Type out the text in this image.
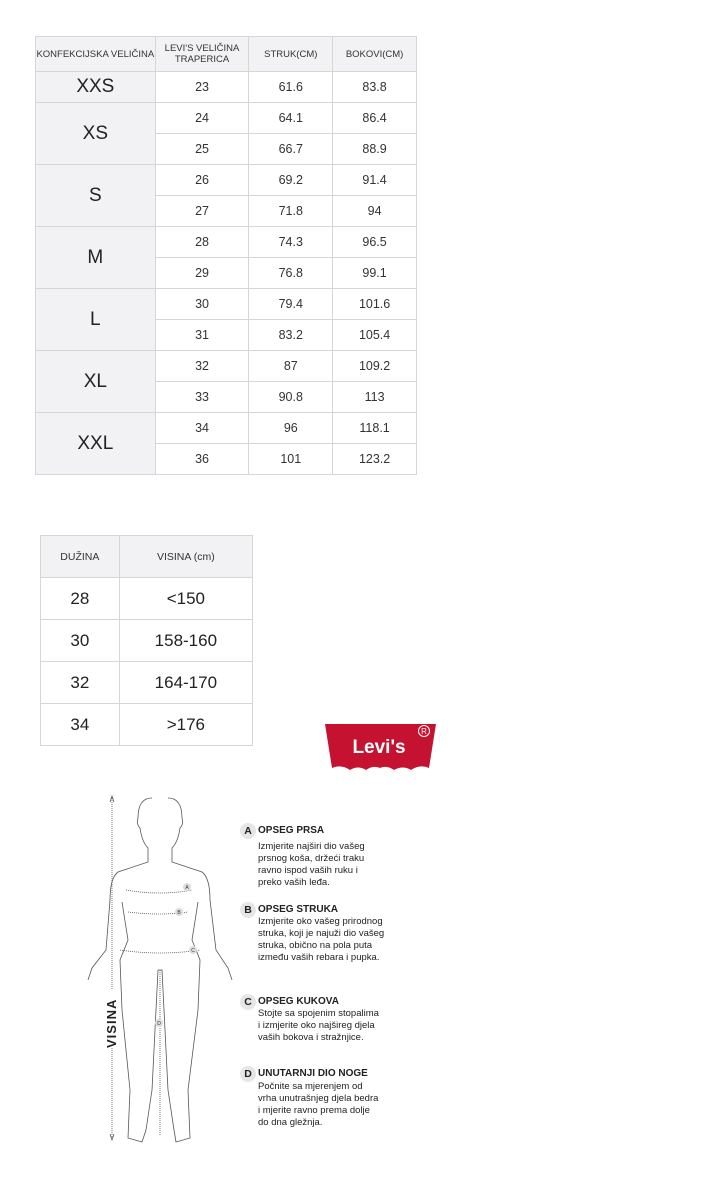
KONFEKCIJSKA VELIČINA	LEVI'S VELIČINA TRAPERICA	STRUK(CM)	BOKOVI(CM)
XXS	23	61.6	83.8
XS	24	64.1	86.4
	25	66.7	88.9
S	26	69.2	91.4
	27	71.8	94
M	28	74.3	96.5
	29	76.8	99.1
L	30	79.4	101.6
	31	83.2	105.4
XL	32	87	109.2
	33	90.8	113
XXL	34	96	118.1
	36	101	123.2
DUŽINA	VISINA (cm)
28	<150
30	158-160
32	164-170
34	>176
Levi's
R
A
B
C
D
VISINA
A OPSEG PRSA
Izmjerite najširi dio vašeg
prsnog koša, držeći traku
ravno ispod vaših ruku i
preko vaših leđa.
B OPSEG STRUKA
Izmjerite oko vašeg prirodnog
struka, koji je najuži dio vašeg
struka, obično na pola puta
između vaših rebara i pupka.
C OPSEG KUKOVA
Stojte sa spojenim stopalima
i izmjerite oko najšireg djela
vaših bokova i stražnjice.
D UNUTARNJI DIO NOGE
Počnite sa mjerenjem od
vrha unutrašnjeg djela bedra
i mjerite ravno prema dolje
do dna gležnja.
